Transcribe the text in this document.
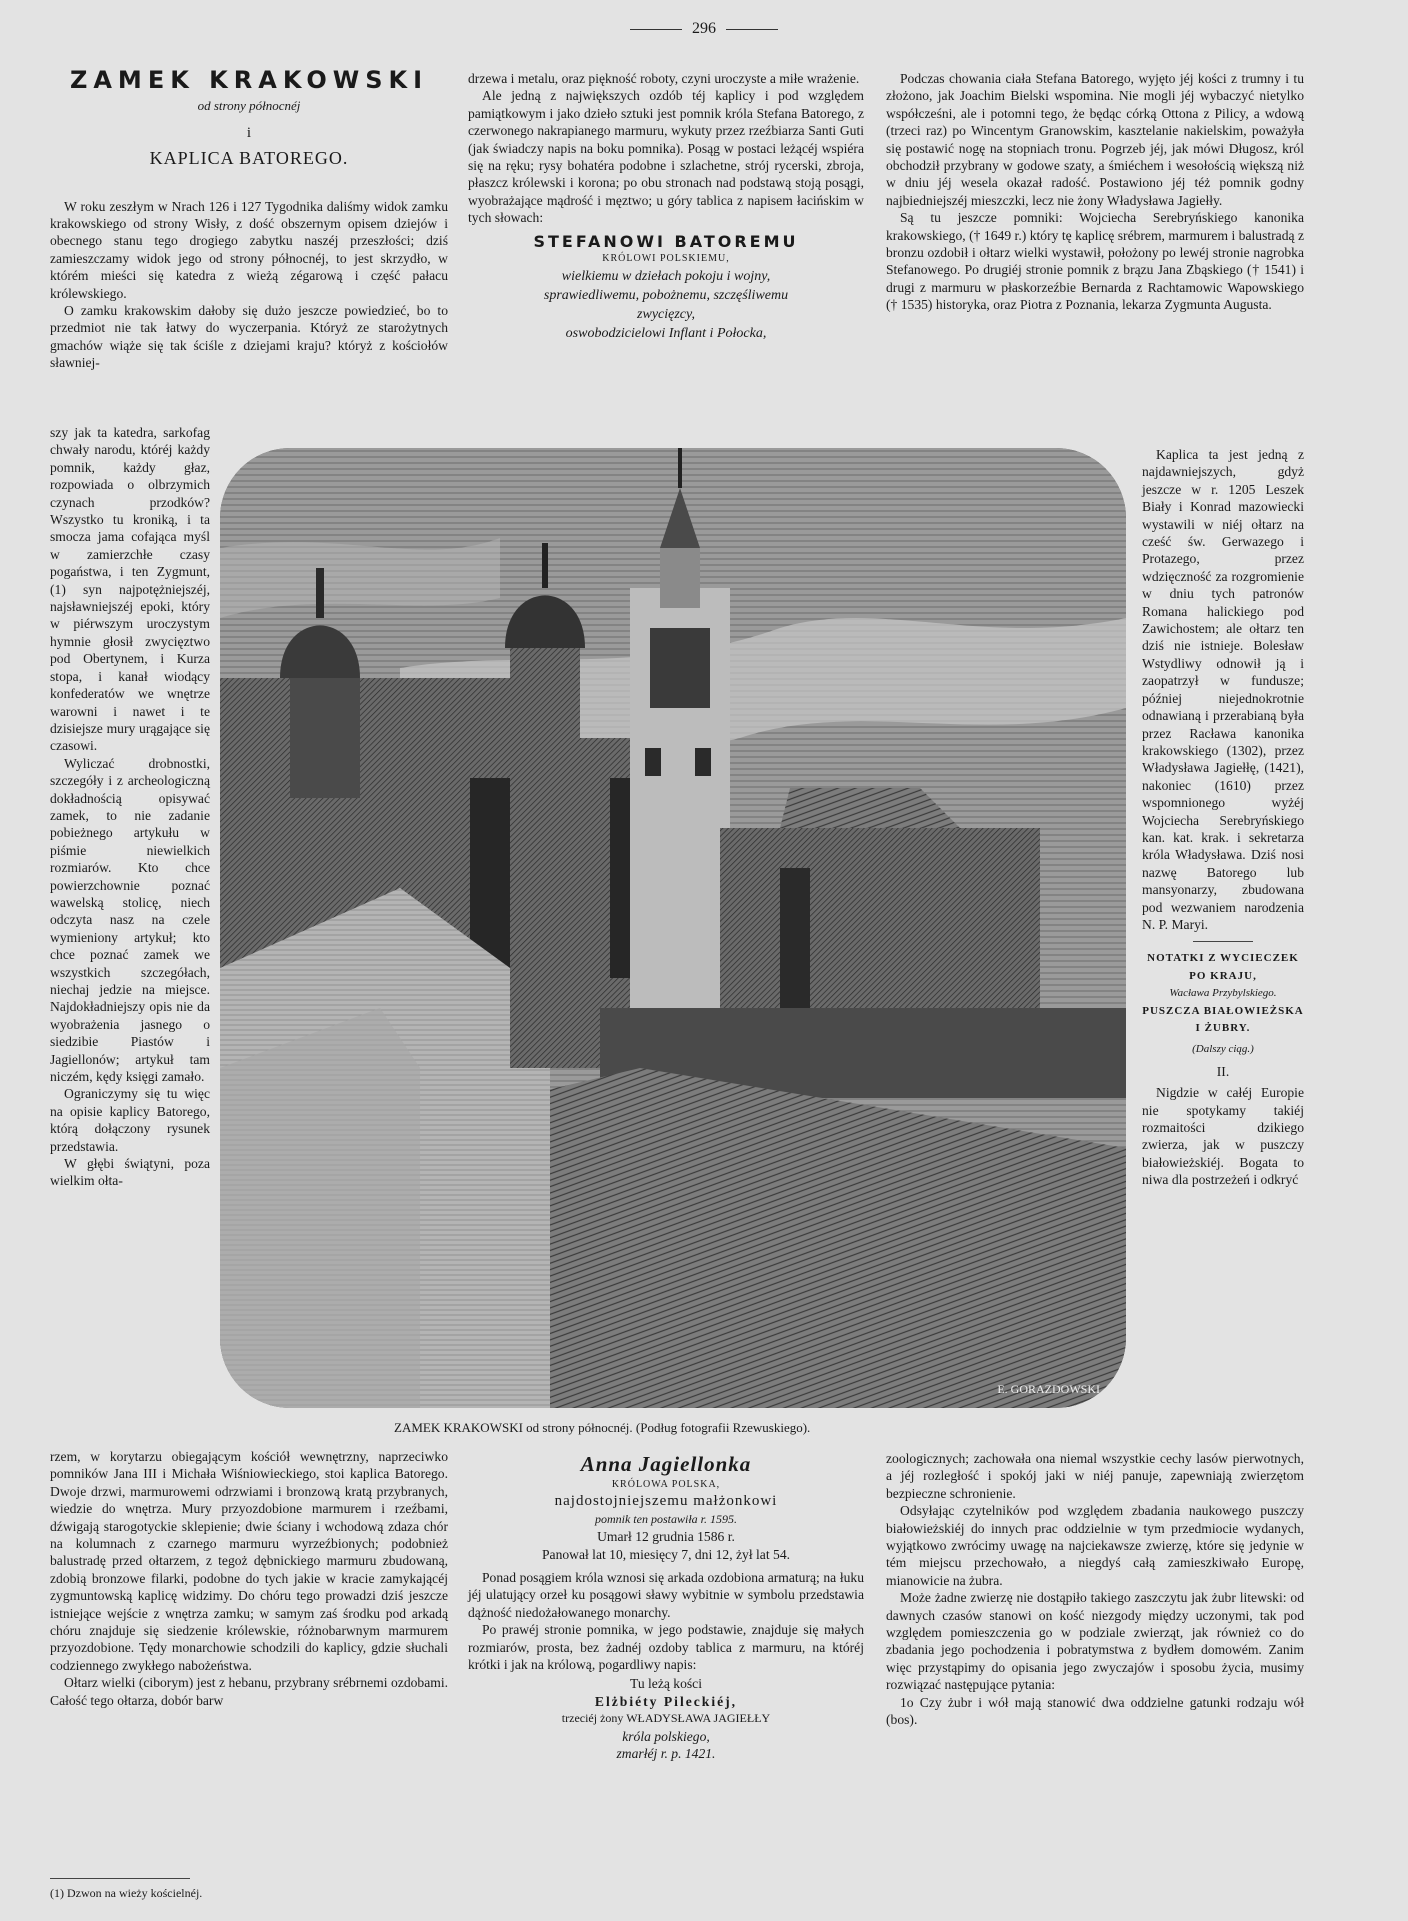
296
ZAMEK KRAKOWSKI
od strony północnéj
i
KAPLICA BATOREGO.

W roku zeszłym w Nrach 126 i 127 Tygodnika daliśmy widok zamku krakowskiego od strony Wisły, z dość obszernym opisem dziejów i obecnego stanu tego drogiego zabytku naszéj przeszłości; dziś zamieszczamy widok jego od strony północnéj, to jest skrzydło, w którém mieści się katedra z wieżą zégarową i część pałacu królewskiego.

O zamku krakowskim dałoby się dużo jeszcze powiedzieć, bo to przedmiot nie tak łatwy do wyczerpania. Któryż ze starożytnych gmachów wiąże się tak ściśle z dziejami kraju? któryż z kościołów sławniej-

szy jak ta katedra, sarkofag chwały narodu, któréj każdy pomnik, każdy głaz, rozpowiada o olbrzymich czynach przodków? Wszystko tu kroniką, i ta smocza jama cofająca myśl w zamierzchłe czasy pogaństwa, i ten Zygmunt, (1) syn najpotężniejszéj, najsławniejszéj epoki, który w piérwszym uroczystym hymnie głosił zwycięztwo pod Obertynem, i Kurza stopa, i kanał wiodący konfederatów we wnętrze warowni i nawet i te dzisiejsze mury urągające się czasowi.

Wyliczać drobnostki, szczegóły i z archeologiczną dokładnością opisywać zamek, to nie zadanie pobieżnego artykułu w piśmie niewielkich rozmiarów. Kto chce powierzchownie poznać wawelską stolicę, niech odczyta nasz na czele wymieniony artykuł; kto chce poznać zamek we wszystkich szczegółach, niechaj jedzie na miejsce. Najdokładniejszy opis nie da wyobrażenia jasnego o siedzibie Piastów i Jagiellonów; artykuł tam niczém, kędy księgi zamało.

Ograniczymy się tu więc na opisie kaplicy Batorego, którą dołączony rysunek przedstawia.

W głębi świątyni, poza wielkim ołta-

rzem, w korytarzu obiegającym kościół wewnętrzny, naprzeciwko pomników Jana III i Michała Wiśniowieckiego, stoi kaplica Batorego. Dwoje drzwi, marmurowemi odrzwiami i bronzową kratą przybranych, wiedzie do wnętrza. Mury przyozdobione marmurem i rzeźbami, dźwigają starogotyckie sklepienie; dwie ściany i wchodową zdaza chór na kolumnach z czarnego marmuru wyrzeźbionych; podobnież balustradę przed ołtarzem, z tegoż dębnickiego marmuru zbudowaną, zdobią bronzowe filarki, podobne do tych jakie w kracie zamykającéj zygmuntowską kaplicę widzimy. Do chóru tego prowadzi dziś jeszcze istniejące wejście z wnętrza zamku; w samym zaś środku pod arkadą chóru znajduje się siedzenie królewskie, różnobarwnym marmurem przyozdobione. Tędy monarchowie schodzili do kaplicy, gdzie słuchali codziennego zwykłego nabożeństwa.

Ołtarz wielki (ciborym) jest z hebanu, przybrany srébrnemi ozdobami. Całość tego ołtarza, dobór barw

(1) Dzwon na wieży kościelnéj.

drzewa i metalu, oraz piękność roboty, czyni uroczyste a miłe wrażenie.

Ale jedną z największych ozdób téj kaplicy i pod względem pamiątkowym i jako dzieło sztuki jest pomnik króla Stefana Batorego, z czerwonego nakrapianego marmuru, wykuty przez rzeźbiarza Santi Guti (jak świadczy napis na boku pomnika). Posąg w postaci leżącéj wspiéra się na ręku; rysy bohatéra podobne i szlachetne, strój rycerski, zbroja, płaszcz królewski i korona; po obu stronach nad podstawą stoją posągi, wyobrażające mądrość i męztwo; u góry tablica z napisem łacińskim w tych słowach:

STEFANOWI BATOREMU
KRÓLOWI POLSKIEMU,
wielkiemu w dziełach pokoju i wojny,
sprawiedliwemu, pobożnemu, szczęśliwemu
zwycięzcy,
oswobodzicielowi Inflant i Połocka,

Podczas chowania ciała Stefana Batorego, wyjęto jéj kości z trumny i tu złożono, jak Joachim Bielski wspomina. Nie mogli jéj wybaczyć nietylko współcześni, ale i potomni tego, że będąc córką Ottona z Pilicy, a wdową (trzeci raz) po Wincentym Granowskim, kasztelanie nakielskim, poważyła się postawić nogę na stopniach tronu. Pogrzeb jéj, jak mówi Długosz, król obchodził przybrany w godowe szaty, a śmiéchem i wesołością większą niż w dniu jéj wesela okazał radość. Postawiono jéj téż pomnik godny najbiedniejszéj mieszczki, lecz nie żony Władysława Jagiełły.

Są tu jeszcze pomniki: Wojciecha Serebryńskiego kanonika krakowskiego, († 1649 r.) który tę kaplicę srébrem, marmurem i balustradą z bronzu ozdobił i ołtarz wielki wystawił, położony po lewéj stronie nagrobka Stefanowego. Po drugiéj stronie pomnik z brązu Jana Zbąskiego († 1541) i drugi z marmuru w płaskorzeźbie Bernarda z Rachtamowic Wapowskiego († 1535) historyka, oraz Piotra z Poznania, lekarza Zygmunta Augusta.

Kaplica ta jest jedną z najdawniejszych, gdyż jeszcze w r. 1205 Leszek Biały i Konrad mazowiecki wystawili w niéj ołtarz na cześć św. Gerwazego i Protazego, przez wdzięczność za rozgromienie w dniu tych patronów Romana halickiego pod Zawichostem; ale ołtarz ten dziś nie istnieje. Bolesław Wstydliwy odnowił ją i zaopatrzył w fundusze; później niejednokrotnie odnawianą i przerabianą była przez Racława kanonika krakowskiego (1302), przez Władysława Jagiełłę, (1421), nakoniec (1610) przez wspomnionego wyżéj Wojciecha Serebryńskiego kan. kat. krak. i sekretarza króla Władysława. Dziś nosi nazwę Batorego lub mansyonarzy, zbudowana pod wezwaniem narodzenia N. P. Maryi.

NOTATKI Z WYCIECZEK
PO KRAJU,
Wacława Przybylskiego.
PUSZCZA BIAŁOWIEŻSKA
I ŻUBRY.
(Dalszy ciąg.)
II.

Nigdzie w całéj Europie nie spotykamy takiéj rozmaitości dzikiego zwierza, jak w puszczy białowieżskiéj. Bogata to niwa dla postrzeżeń i odkryć

zoologicznych; zachowała ona niemal wszystkie cechy lasów pierwotnych, a jéj rozległość i spokój jaki w niéj panuje, zapewniają zwierzętom bezpieczne schronienie.

Odsyłając czytelników pod względem zbadania naukowego puszczy białowieżskiéj do innych prac oddzielnie w tym przedmiocie wydanych, wyjątkowo zwrócimy uwagę na najciekawsze zwierzę, które się jedynie w tém miejscu przechowało, a niegdyś całą zamieszkiwało Europę, mianowicie na żubra.

Może żadne zwierzę nie dostąpiło takiego zaszczytu jak żubr litewski: od dawnych czasów stanowi on kość niezgody między uczonymi, tak pod względem pomieszczenia go w podziale zwierząt, jak również co do zbadania jego pochodzenia i pobratymstwa z bydłem domowém. Zanim więc przystąpimy do opisania jego zwyczajów i sposobu życia, musimy rozwiązać następujące pytania:

1o Czy żubr i wół mają stanowić dwa oddzielne gatunki rodzaju wół (bos).

Anna Jagiellonka
KRÓLOWA POLSKA,
najdostojniejszemu małżonkowi
pomnik ten postawiła r. 1595.
Umarł 12 grudnia 1586 r.
Panował lat 10, miesięcy 7, dni 12, żył lat 54.

Ponad posągiem króla wznosi się arkada ozdobiona armaturą; na łuku jéj ulatujący orzeł ku posągowi sławy wybitnie w symbolu przedstawia dążność niedożałowanego monarchy.

Po prawéj stronie pomnika, w jego podstawie, znajduje się małych rozmiarów, prosta, bez żadnéj ozdoby tablica z marmuru, na któréj krótki i jak na królową, pogardliwy napis:

Tu leżą kości
Elżbiéty Pileckiéj,
trzeciéj żony WŁADYSŁAWA JAGIEŁŁY
króla polskiego,
zmarłéj r. p. 1421.
E. GORAZDOWSKI
ZAMEK KRAKOWSKI od strony północnéj. (Podług fotografii Rzewuskiego).
